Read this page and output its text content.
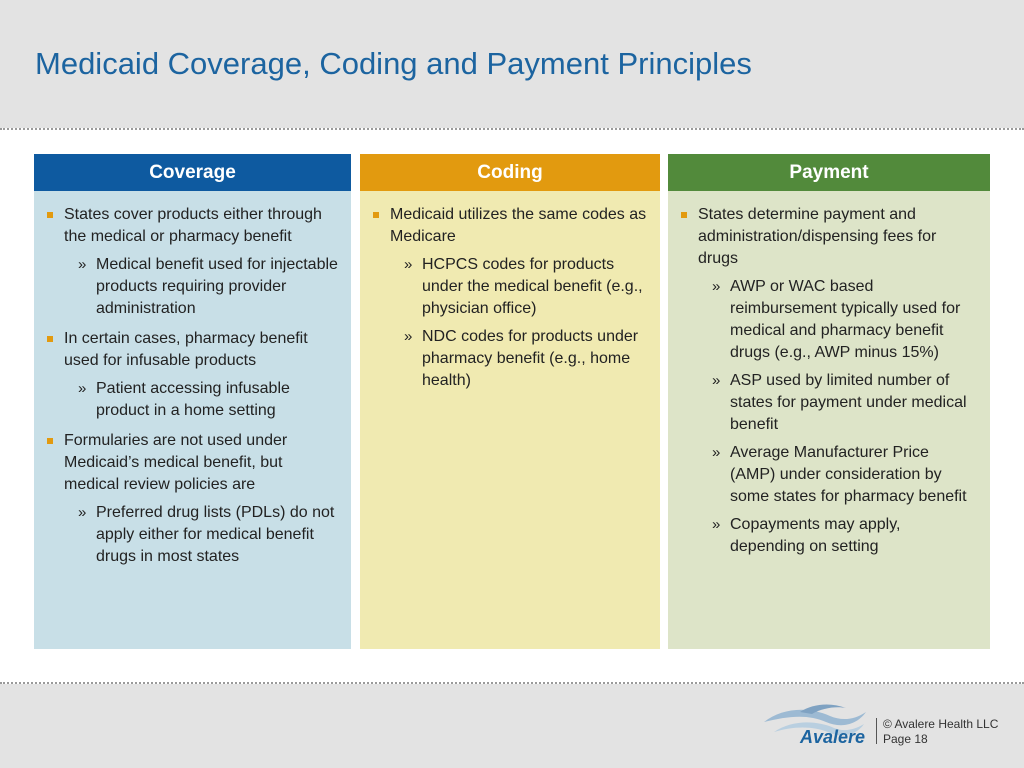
Medicaid Coverage, Coding and Payment Principles
Coverage
States cover products either through the medical or pharmacy benefit
» Medical benefit used for injectable products requiring provider administration
In certain cases, pharmacy benefit used for infusable products
» Patient accessing infusable product in a home setting
Formularies are not used under Medicaid’s medical benefit, but medical review policies are
» Preferred drug lists (PDLs) do not apply either for medical benefit drugs in most states
Coding
Medicaid utilizes the same codes as Medicare
» HCPCS codes for products under the medical benefit (e.g., physician office)
» NDC codes for products under pharmacy benefit (e.g., home health)
Payment
States determine payment and administration/dispensing fees for drugs
» AWP or WAC based reimbursement typically used for medical and pharmacy benefit drugs (e.g., AWP minus 15%)
» ASP used by limited number of states for payment under medical benefit
» Average Manufacturer Price (AMP) under consideration by some states for pharmacy benefit
» Copayments may apply, depending on setting
Avalere
© Avalere Health LLC
Page 18
